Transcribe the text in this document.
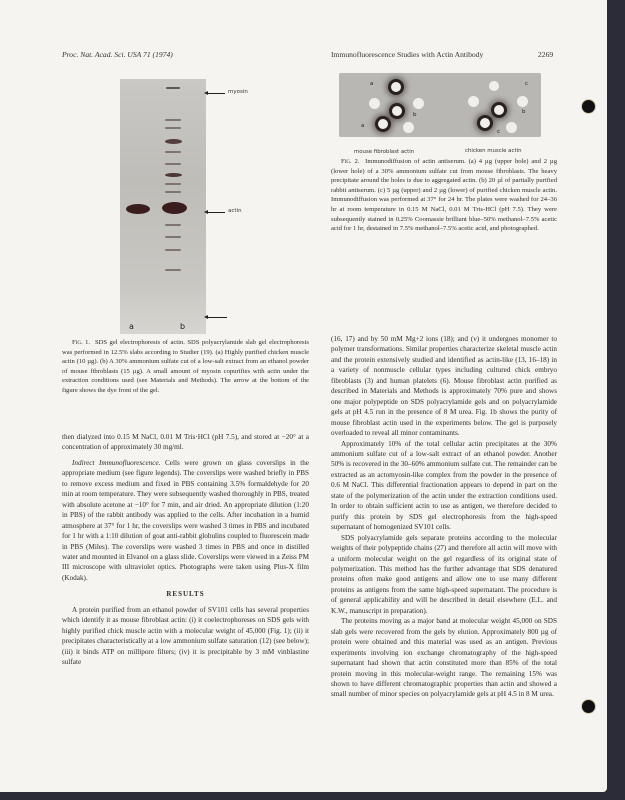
Proc. Nat. Acad. Sci. USA 71 (1974)	Immunofluorescence Studies with Actin Antibody	2269
a	b
myosin
actin

Fig. 1. SDS gel electrophoresis of actin. SDS polyacrylamide slab gel electrophoresis was performed in 12.5% slabs according to Studier (19). (a) Highly purified chicken muscle actin (10 µg). (b) A 30% ammonium sulfate cut of a low-salt extract from an ethanol powder of mouse fibroblasts (15 µg). A small amount of myosin copurifies with actin under the extraction conditions used (see Materials and Methods). The arrow at the bottom of the figure shows the dye front of the gel.

a
a
b
c
b
c
mouse fibroblast actin	chicken muscle actin

Fig. 2. Immunodiffusion of actin antiserum. (a) 4 µg (upper hole) and 2 µg (lower hole) of a 30% ammonium sulfate cut from mouse fibroblasts. The heavy precipitate around the holes is due to aggregated actin. (b) 20 µl of partially purified rabbit antiserum. (c) 5 µg (upper) and 2 µg (lower) of purified chicken muscle actin. Immunodiffusion was performed at 37° for 24 hr. The plates were washed for 24–36 hr at room temperature in 0.15 M NaCl, 0.01 M Tris-HCl (pH 7.5). They were subsequently stained in 0.25% Coomassie brilliant blue–50% methanol–7.5% acetic acid for 1 hr, destained in 7.5% methanol–7.5% acetic acid, and photographed.

then dialyzed into 0.15 M NaCl, 0.01 M Tris·HCl (pH 7.5), and stored at −20° at a concentration of approximately 30 mg/ml.

Indirect Immunofluorescence. Cells were grown on glass coverslips in the appropriate medium (see figure legends). The coverslips were washed briefly in PBS to remove excess medium and fixed in PBS containing 3.5% formaldehyde for 20 min at room temperature. They were subsequently washed thoroughly in PBS, treated with absolute acetone at −10° for 7 min, and air dried. An appropriate dilution (1:20 in PBS) of the rabbit antibody was applied to the cells. After incubation in a humid atmosphere at 37° for 1 hr, the coverslips were washed 3 times in PBS and incubated for 1 hr with a 1:10 dilution of goat anti-rabbit globulins coupled to fluorescein made in PBS (Miles). The coverslips were washed 3 times in PBS and once in distilled water and mounted in Elvanol on a glass slide. Coverslips were viewed in a Zeiss PM III microscope with ultraviolet optics. Photographs were taken using Plus-X film (Kodak).

RESULTS

A protein purified from an ethanol powder of SV101 cells has several properties which identify it as mouse fibroblast actin: (i) it coelectrophoreses on SDS gels with highly purified chick muscle actin with a molecular weight of 45,000 (Fig. 1); (ii) it precipitates characteristically at a low ammonium sulfate saturation (12) (see below); (iii) it binds ATP on millipore filters; (iv) it is precipitable by 3 mM vinblastine sulfate

(16, 17) and by 50 mM Mg+2 ions (18); and (v) it undergoes monomer to polymer transformations. Similar properties characterize skeletal muscle actin and the protein extensively studied and identified as actin-like (13, 16–18) in a variety of nonmuscle cellular types including cultured chick embryo fibroblasts (3) and human platelets (6). Mouse fibroblast actin purified as described in Materials and Methods is approximately 70% pure and shows one major polypeptide on SDS polyacrylamide gels and on polyacrylamide gels at pH 4.5 run in the presence of 8 M urea. Fig. 1b shows the purity of mouse fibroblast actin used in the experiments below. The gel is purposely overloaded to reveal all minor contaminants.

Approximately 10% of the total cellular actin precipitates at the 30% ammonium sulfate cut of a low-salt extract of an ethanol powder. Another 50% is recovered in the 30–60% ammonium sulfate cut. The remainder can be extracted as an actomyosin-like complex from the powder in the presence of 0.6 M NaCl. This differential fractionation appears to depend in part on the state of the polymerization of the actin under the extraction conditions used. In order to obtain sufficient actin to use as antigen, we therefore decided to purify this protein by SDS gel electrophoresis from the high-speed supernatant of homogenized SV101 cells.

SDS polyacrylamide gels separate proteins according to the molecular weights of their polypeptide chains (27) and therefore all actin will move with a uniform molecular weight on the gel regardless of its original state of polymerization. This method has the further advantage that SDS denatured proteins often make good antigens and allow one to use many different proteins as antigens from the same high-speed supernatant. The procedure is of general applicability and will be described in detail elsewhere (E.L. and K.W., manuscript in preparation).

The proteins moving as a major band at molecular weight 45,000 on SDS slab gels were recovered from the gels by elution. Approximately 800 µg of protein were obtained and this material was used as an antigen. Previous experiments involving ion exchange chromatography of the high-speed supernatant had shown that actin constituted more than 85% of the total protein moving in this molecular-weight range. The remaining 15% was shown to have different chromatographic properties than actin and showed a small number of minor species on polyacrylamide gels at pH 4.5 in 8 M urea.
